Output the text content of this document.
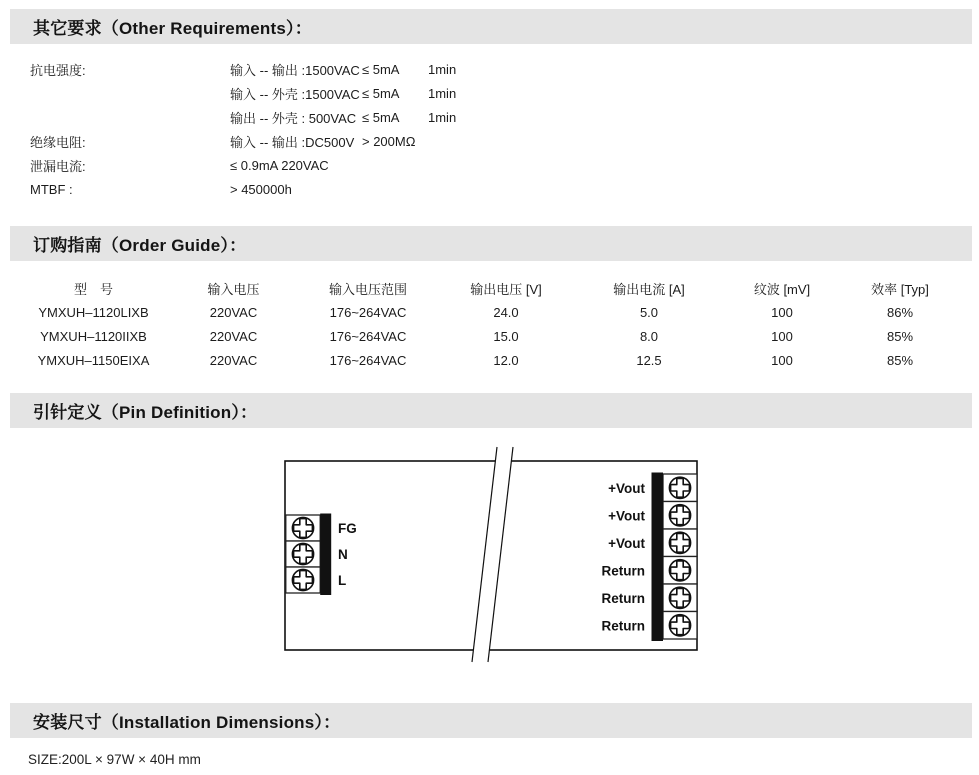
其它要求（Other Requirements）：
抗电强度:	输入 -- 输出 :1500VAC ≤ 5mA	1min
输入 -- 外壳 :1500VAC ≤ 5mA	1min
输出 -- 外壳 : 500VAC ≤ 5mA	1min
绝缘电阻:	输入 -- 输出 :DC500V > 200MΩ
泄漏电流:	≤ 0.9mA 220VAC
MTBF :	> 450000h
订购指南（Order Guide）：
型　号	输入电压	输入电压范围	输出电压 [V]	输出电流 [A]	纹波 [mV]	效率 [Typ]
YMXUH–1120LIXB	220VAC	176~264VAC	24.0	5.0	100	86%
YMXUH–1120IIXB	220VAC	176~264VAC	15.0	8.0	100	85%
YMXUH–1150EIXA	220VAC	176~264VAC	12.0	12.5	100	85%
引针定义（Pin Definition）：
FG
N
L
+Vout
+Vout
+Vout
Return
Return
Return
安装尺寸（Installation Dimensions）：
SIZE:200L × 97W × 40H mm
